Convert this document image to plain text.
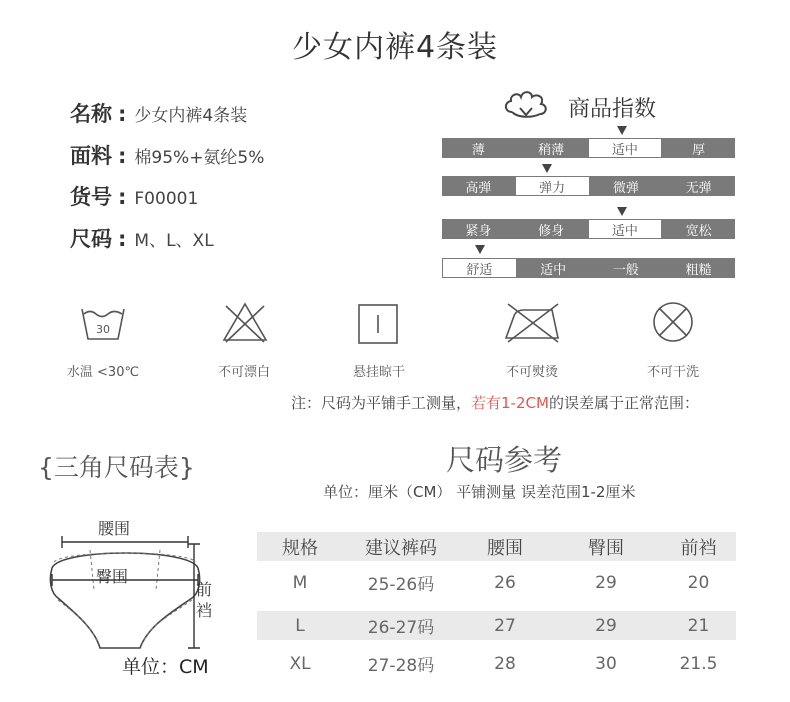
少女内裤4条装
名称 : 少女内裤4条装
面料 : 棉95%+氨纶5%
货号 : F00001
尺码 : M、L、XL
商品指数
薄	稍薄	适中	厚
高弹	弹力	微弹	无弹
紧身	修身	适中	宽松
舒适	适中	一般	粗糙
30
水温 <30℃	不可漂白	悬挂晾干	不可熨烫	不可干洗
注：尺码为平铺手工测量，若有1-2CM的误差属于正常范围：
{三角尺码表}	尺码参考
单位：厘米（CM） 平铺测量 误差范围1-2厘米
腰围
臀围
前
裆
单位：CM
规格	建议裤码	腰围	臀围	前裆
M	25-26码	26	29	20
L	26-27码	27	29	21
XL	27-28码	28	30	21.5
